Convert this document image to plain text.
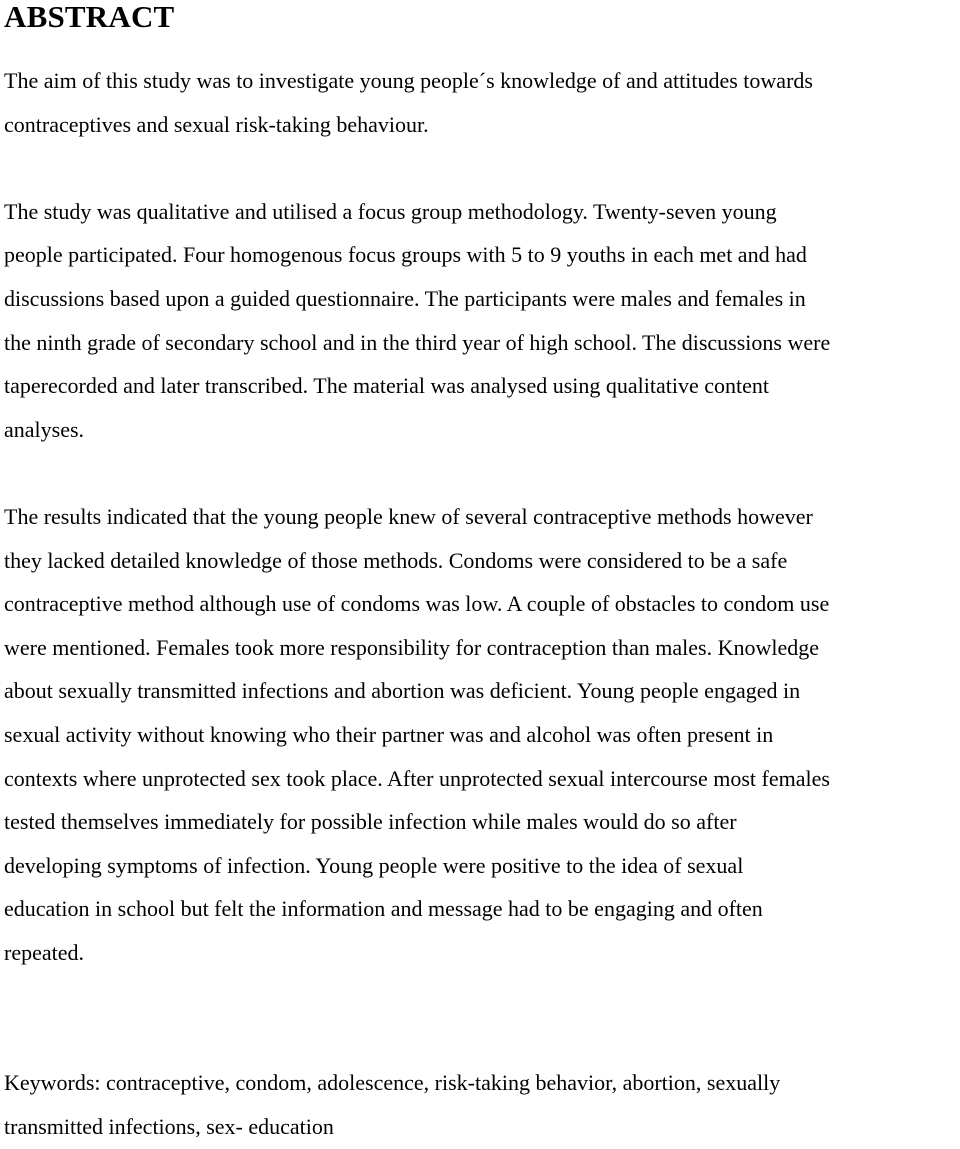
ABSTRACT

The aim of this study was to investigate young people´s knowledge of and attitudes towards
contraceptives and sexual risk-taking behaviour.

The study was qualitative and utilised a focus group methodology. Twenty-seven young
people participated. Four homogenous focus groups with 5 to 9 youths in each met and had
discussions based upon a guided questionnaire. The participants were males and females in
the ninth grade of secondary school and in the third year of high school. The discussions were
taperecorded and later transcribed. The material was analysed using qualitative content
analyses.

The results indicated that the young people knew of several contraceptive methods however
they lacked detailed knowledge of those methods. Condoms were considered to be a safe
contraceptive method although use of condoms was low. A couple of obstacles to condom use
were mentioned. Females took more responsibility for contraception than males. Knowledge
about sexually transmitted infections and abortion was deficient. Young people engaged in
sexual activity without knowing who their partner was and alcohol was often present in
contexts where unprotected sex took place. After unprotected sexual intercourse most females
tested themselves immediately for possible infection while males would do so after
developing symptoms of infection. Young people were positive to the idea of sexual
education in school but felt the information and message had to be engaging and often
repeated.

Keywords: contraceptive, condom, adolescence, risk-taking behavior, abortion, sexually
transmitted infections, sex- education
